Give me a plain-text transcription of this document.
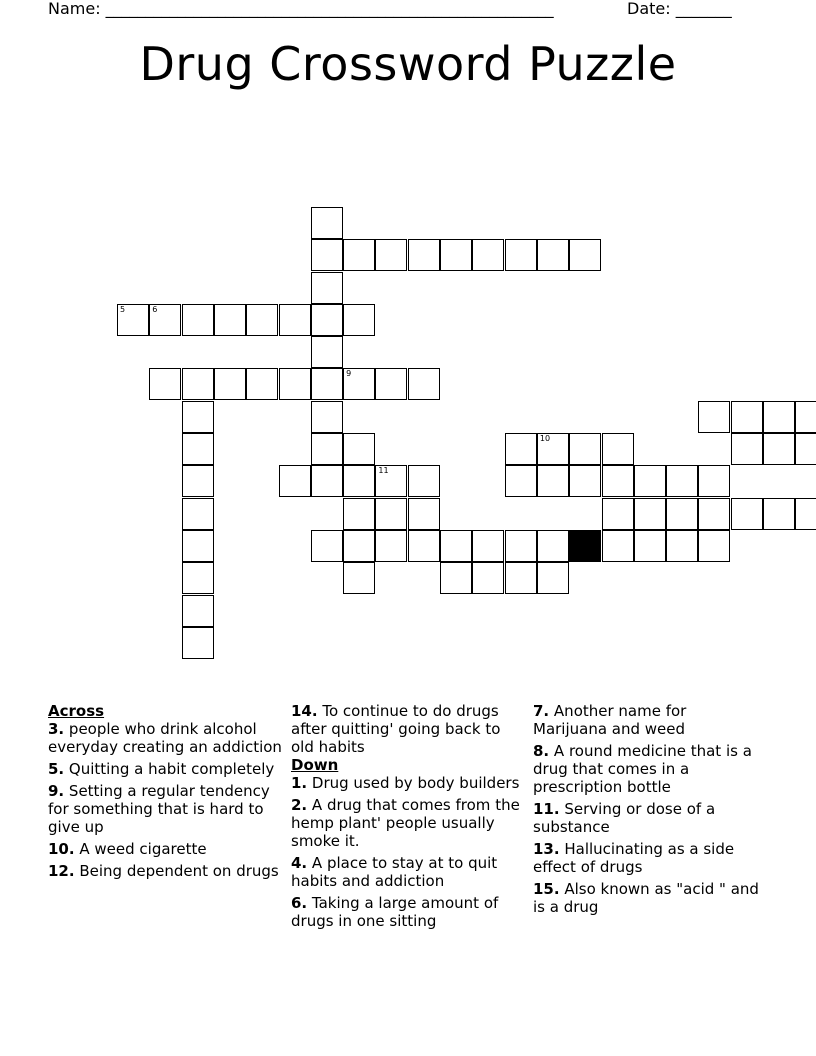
Name: ________________________________________________________	Date: _______
Drug Crossword Puzzle
5	6
9
11
10
Across
3. people who drink alcohol everyday creating an addiction
5. Quitting a habit completely
9. Setting a regular tendency for something that is hard to give up
10. A weed cigarette
12. Being dependent on drugs
14. To continue to do drugs after quitting' going back to old habits
Down
1. Drug used by body builders
2. A drug that comes from the hemp plant' people usually smoke it.
4. A place to stay at to quit habits and addiction
6. Taking a large amount of drugs in one sitting
7. Another name for Marijuana and weed
8. A round medicine that is a drug that comes in a prescription bottle
11. Serving or dose of a substance
13. Hallucinating as a side effect of drugs
15. Also known as "acid " and is a drug
